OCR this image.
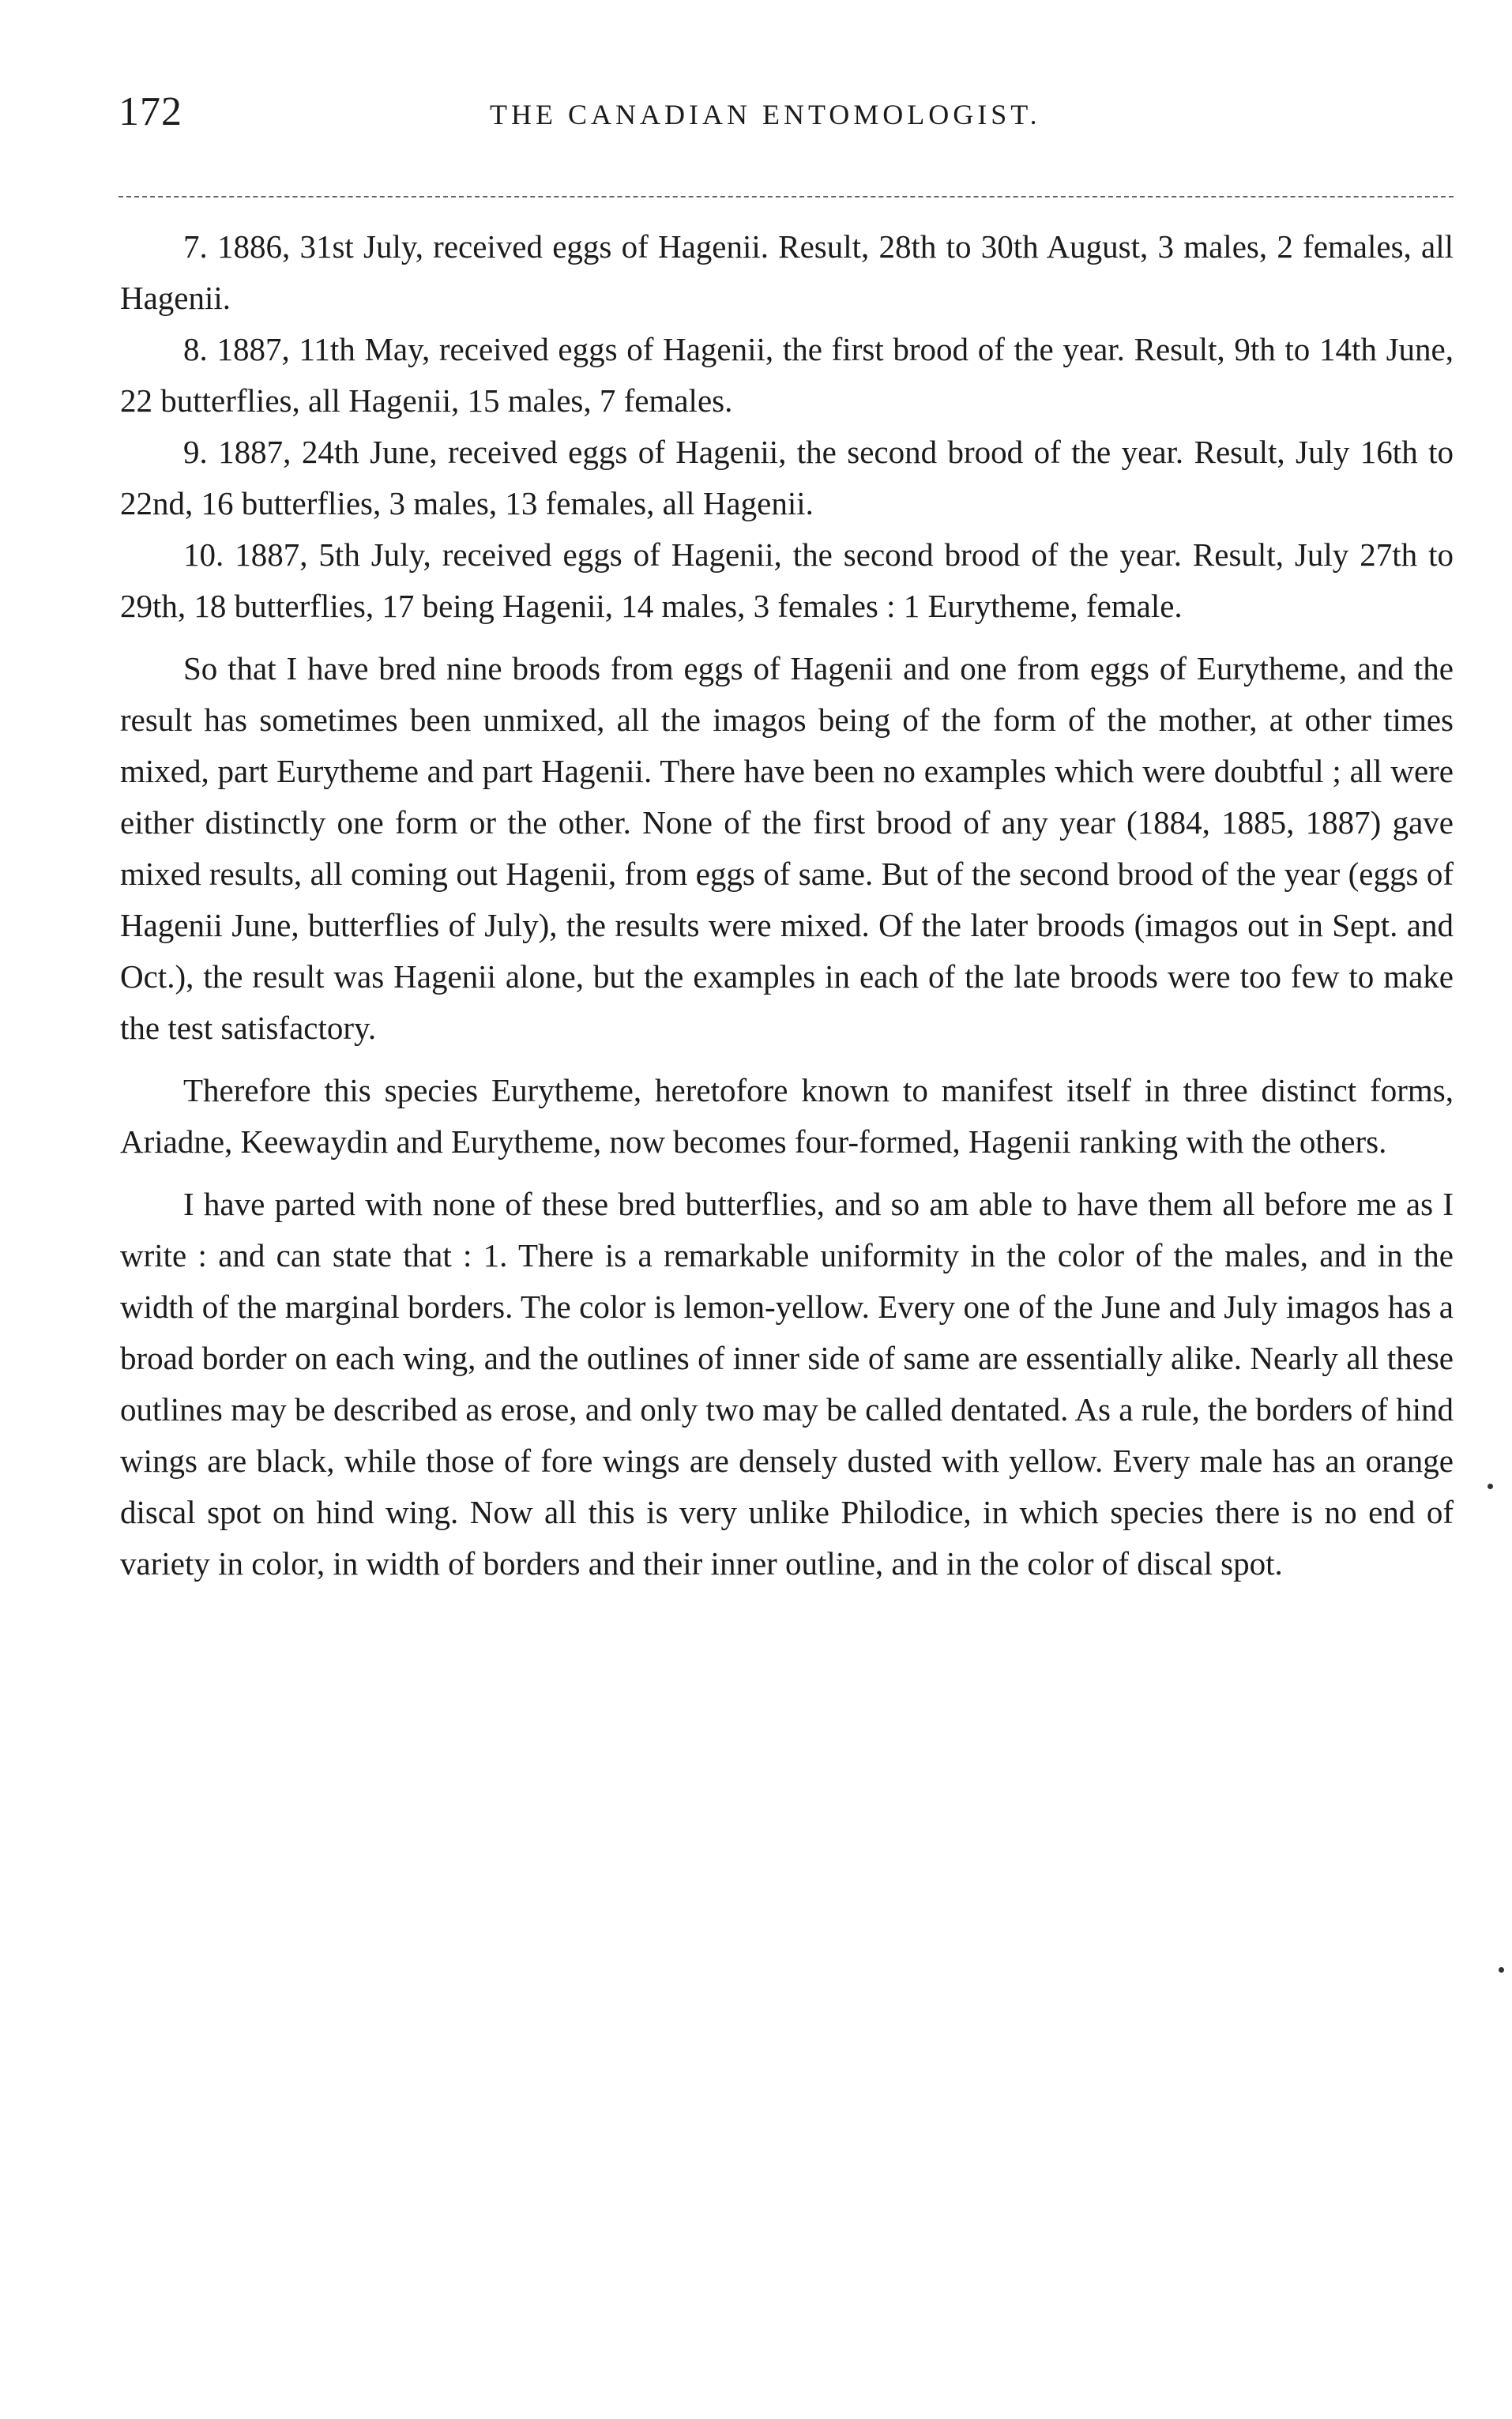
172	THE CANADIAN ENTOMOLOGIST.

7. 1886, 31st July, received eggs of Hagenii. Result, 28th to 30th August, 3 males, 2 females, all Hagenii.

8. 1887, 11th May, received eggs of Hagenii, the first brood of the year. Result, 9th to 14th June, 22 butterflies, all Hagenii, 15 males, 7 females.

9. 1887, 24th June, received eggs of Hagenii, the second brood of the year. Result, July 16th to 22nd, 16 butterflies, 3 males, 13 females, all Hagenii.

10. 1887, 5th July, received eggs of Hagenii, the second brood of the year. Result, July 27th to 29th, 18 butterflies, 17 being Hagenii, 14 males, 3 females : 1 Eurytheme, female.

So that I have bred nine broods from eggs of Hagenii and one from eggs of Eurytheme, and the result has sometimes been unmixed, all the imagos being of the form of the mother, at other times mixed, part Eurytheme and part Hagenii. There have been no examples which were doubtful ; all were either distinctly one form or the other. None of the first brood of any year (1884, 1885, 1887) gave mixed results, all coming out Hagenii, from eggs of same. But of the second brood of the year (eggs of Hagenii June, butterflies of July), the results were mixed. Of the later broods (imagos out in Sept. and Oct.), the result was Hagenii alone, but the examples in each of the late broods were too few to make the test satisfactory.

Therefore this species Eurytheme, heretofore known to manifest itself in three distinct forms, Ariadne, Keewaydin and Eurytheme, now becomes four-formed, Hagenii ranking with the others.

I have parted with none of these bred butterflies, and so am able to have them all before me as I write : and can state that : 1. There is a remarkable uniformity in the color of the males, and in the width of the marginal borders. The color is lemon-yellow. Every one of the June and July imagos has a broad border on each wing, and the outlines of inner side of same are essentially alike. Nearly all these outlines may be described as erose, and only two may be called dentated. As a rule, the borders of hind wings are black, while those of fore wings are densely dusted with yellow. Every male has an orange discal spot on hind wing. Now all this is very unlike Philodice, in which species there is no end of variety in color, in width of borders and their inner outline, and in the color of discal spot.
